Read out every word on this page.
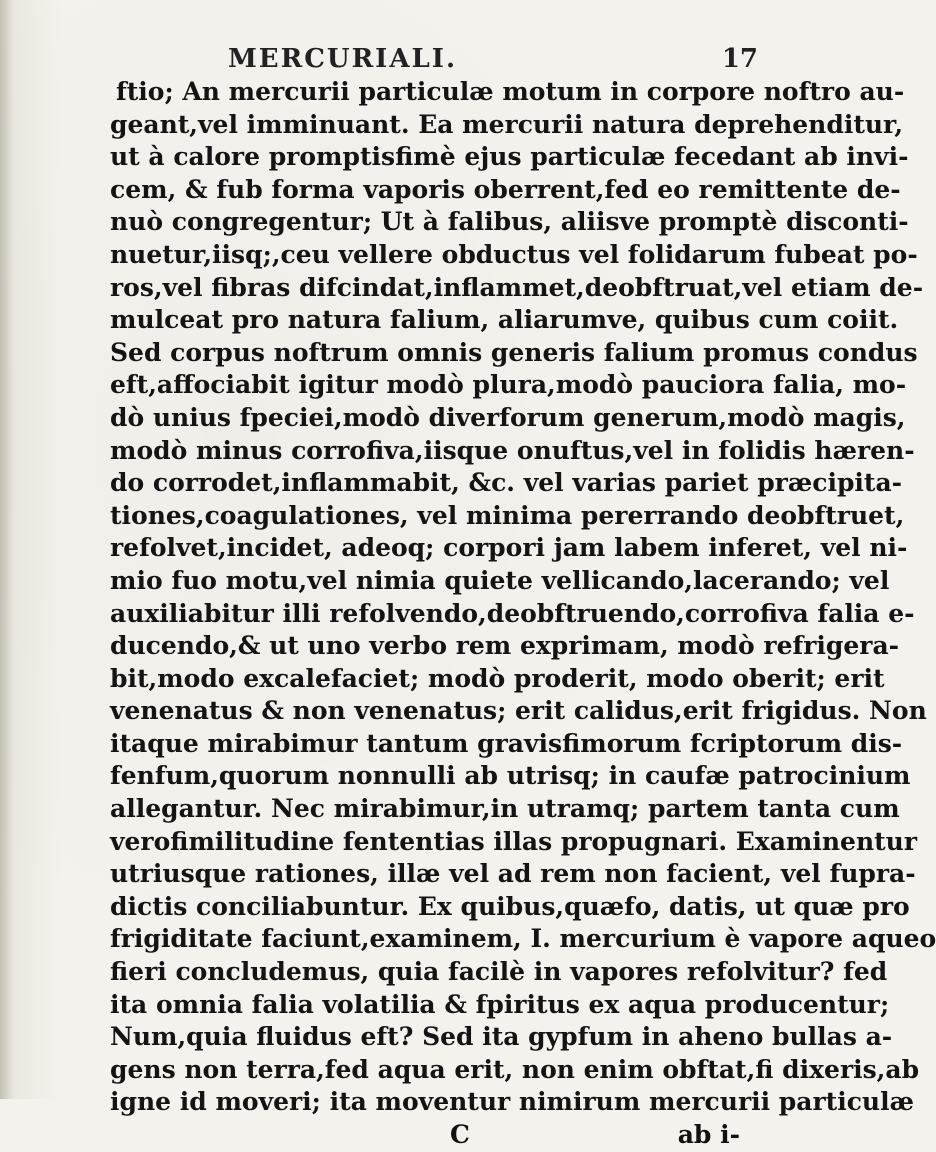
MERCURIALI.	17
ftio; An mercurii particulæ motum in corpore noftro au-
geant,vel imminuant. Ea mercurii natura deprehenditur,
ut à calore promptisfimè ejus particulæ fecedant ab invi-
cem, & fub forma vaporis oberrent,fed eo remittente de-
nuò congregentur; Ut à falibus, aliisve promptè disconti-
nuetur,iisq;,ceu vellere obductus vel folidarum fubeat po-
ros,vel fibras difcindat,inflammet,deobftruat,vel etiam de-
mulceat pro natura falium, aliarumve, quibus cum coiit.
Sed corpus noftrum omnis generis falium promus condus
eft,affociabit igitur modò plura,modò pauciora falia, mo-
dò unius fpeciei,modò diverforum generum,modò magis,
modò minus corrofiva,iisque onuftus,vel in folidis hæren-
do corrodet,inflammabit, &c. vel varias pariet præcipita-
tiones,coagulationes, vel minima pererrando deobftruet,
refolvet,incidet, adeoq; corpori jam labem inferet, vel ni-
mio fuo motu,vel nimia quiete vellicando,lacerando; vel
auxiliabitur illi refolvendo,deobftruendo,corrofiva falia e-
ducendo,& ut uno verbo rem exprimam, modò refrigera-
bit,modo excalefaciet; modò proderit, modo oberit; erit
venenatus & non venenatus; erit calidus,erit frigidus. Non
itaque mirabimur tantum gravisfimorum fcriptorum dis-
fenfum,quorum nonnulli ab utrisq; in caufæ patrocinium
allegantur. Nec mirabimur,in utramq; partem tanta cum
verofimilitudine fententias illas propugnari. Examinentur
utriusque rationes, illæ vel ad rem non facient, vel fupra-
dictis conciliabuntur. Ex quibus,quæfo, datis, ut quæ pro
frigiditate faciunt,examinem, I. mercurium è vapore aqueo
fieri concludemus, quia facilè in vapores refolvitur? fed
ita omnia falia volatilia & fpiritus ex aqua producentur;
Num,quia fluidus eft? Sed ita gypfum in aheno bullas a-
gens non terra,fed aqua erit, non enim obftat,fi dixeris,ab
igne id moveri; ita moventur nimirum mercurii particulæ
C	ab i-
